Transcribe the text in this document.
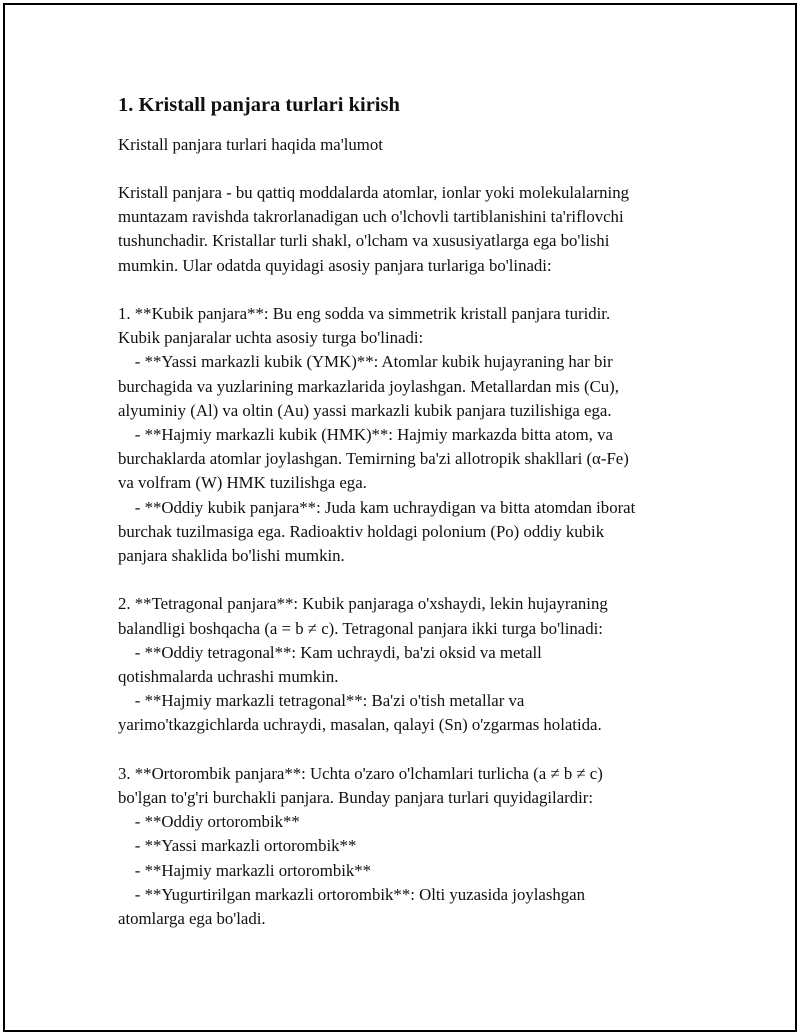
1. Kristall panjara turlari kirish
Kristall panjara turlari haqida ma'lumot
Kristall panjara - bu qattiq moddalarda atomlar, ionlar yoki molekulalarning
muntazam ravishda takrorlanadigan uch o'lchovli tartiblanishini ta'riflovchi
tushunchadir. Kristallar turli shakl, o'lcham va xususiyatlarga ega bo'lishi
mumkin. Ular odatda quyidagi asosiy panjara turlariga bo'linadi:
1. **Kubik panjara**: Bu eng sodda va simmetrik kristall panjara turidir.
Kubik panjaralar uchta asosiy turga bo'linadi:
- **Yassi markazli kubik (YMK)**: Atomlar kubik hujayraning har bir
burchagida va yuzlarining markazlarida joylashgan. Metallardan mis (Cu),
alyuminiy (Al) va oltin (Au) yassi markazli kubik panjara tuzilishiga ega.
- **Hajmiy markazli kubik (HMK)**: Hajmiy markazda bitta atom, va
burchaklarda atomlar joylashgan. Temirning ba'zi allotropik shakllari (α-Fe)
va volfram (W) HMK tuzilishga ega.
- **Oddiy kubik panjara**: Juda kam uchraydigan va bitta atomdan iborat
burchak tuzilmasiga ega. Radioaktiv holdagi polonium (Po) oddiy kubik
panjara shaklida bo'lishi mumkin.
2. **Tetragonal panjara**: Kubik panjaraga o'xshaydi, lekin hujayraning
balandligi boshqacha (a = b ≠ c). Tetragonal panjara ikki turga bo'linadi:
- **Oddiy tetragonal**: Kam uchraydi, ba'zi oksid va metall
qotishmalarda uchrashi mumkin.
- **Hajmiy markazli tetragonal**: Ba'zi o'tish metallar va
yarimo'tkazgichlarda uchraydi, masalan, qalayi (Sn) o'zgarmas holatida.
3. **Ortorombik panjara**: Uchta o'zaro o'lchamlari turlicha (a ≠ b ≠ c)
bo'lgan to'g'ri burchakli panjara. Bunday panjara turlari quyidagilardir:
- **Oddiy ortorombik**
- **Yassi markazli ortorombik**
- **Hajmiy markazli ortorombik**
- **Yugurtirilgan markazli ortorombik**: Olti yuzasida joylashgan
atomlarga ega bo'ladi.
